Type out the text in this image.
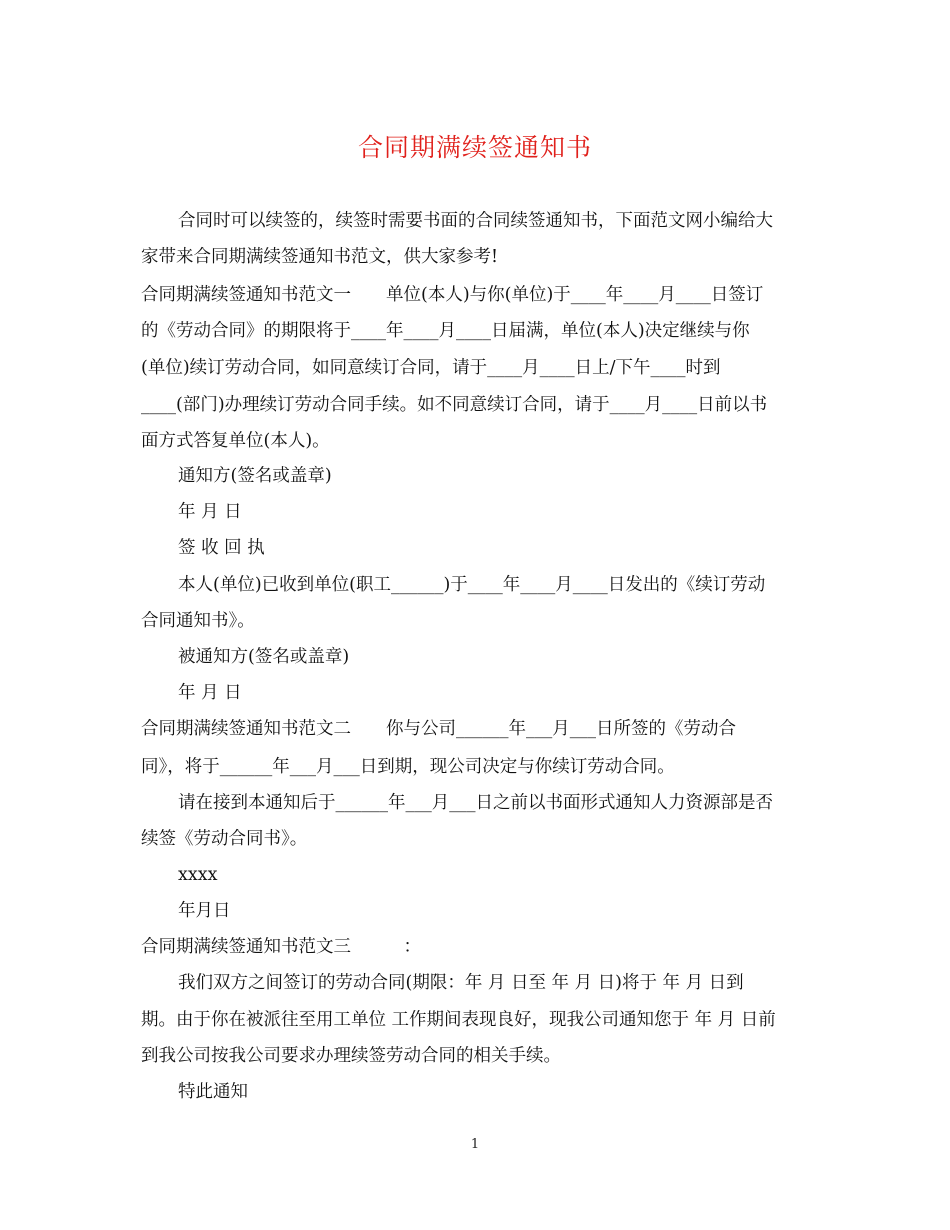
合同期满续签通知书
合同时可以续签的，续签时需要书面的合同续签通知书，下面范文网小编给大
家带来合同期满续签通知书范文，供大家参考!
合同期满续签通知书范文一　　单位(本人)与你(单位)于____年____月____日签订
的《劳动合同》的期限将于____年____月____日届满，单位(本人)决定继续与你
(单位)续订劳动合同，如同意续订合同，请于____月____日上/下午____时到
____(部门)办理续订劳动合同手续。如不同意续订合同，请于____月____日前以书
面方式答复单位(本人)。
通知方(签名或盖章)
年 月 日
签 收 回 执
本人(单位)已收到单位(职工______)于____年____月____日发出的《续订劳动
合同通知书》。
被通知方(签名或盖章)
年 月 日
合同期满续签通知书范文二　　你与公司______年___月___日所签的《劳动合
同》，将于______年___月___日到期，现公司决定与你续订劳动合同。
请在接到本通知后于______年___月___日之前以书面形式通知人力资源部是否
续签《劳动合同书》。
xxxx
年月日
合同期满续签通知书范文三　　　：
我们双方之间签订的劳动合同(期限：年 月 日至 年 月 日)将于 年 月 日到
期。由于你在被派往至用工单位 工作期间表现良好，现我公司通知您于 年 月 日前
到我公司按我公司要求办理续签劳动合同的相关手续。
特此通知
1
